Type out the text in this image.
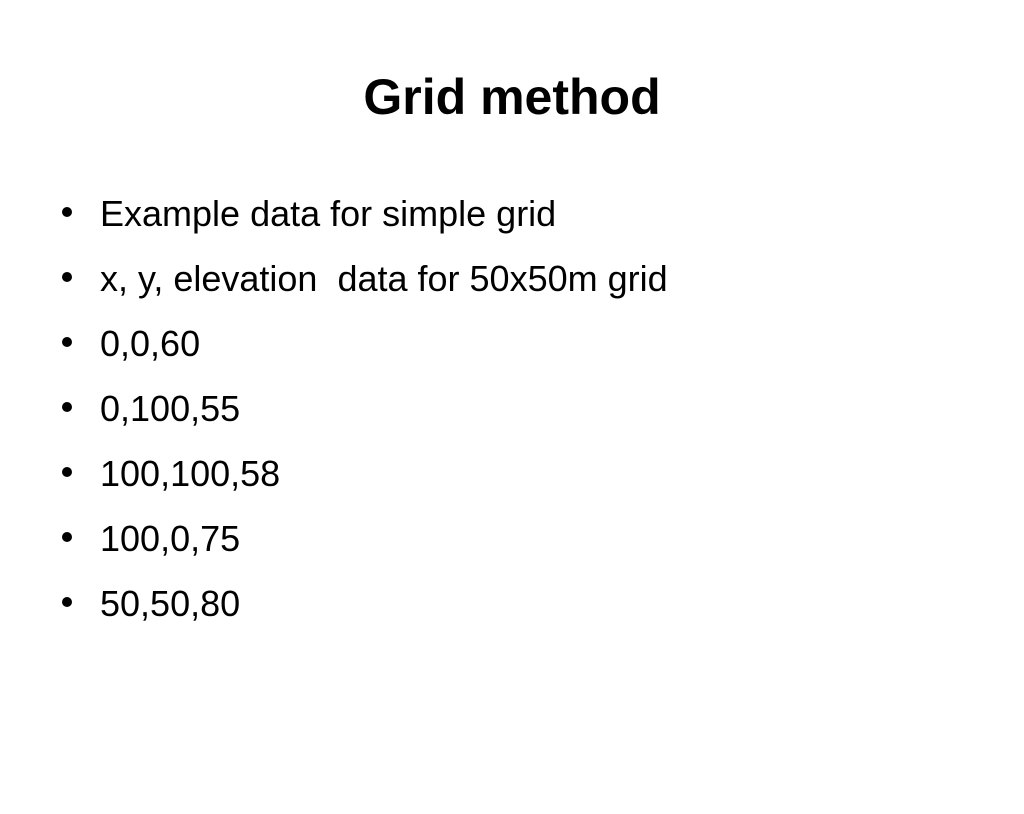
Grid method

Example data for simple grid

x, y, elevation  data for 50x50m grid

0,0,60

0,100,55

100,100,58

100,0,75

50,50,80
